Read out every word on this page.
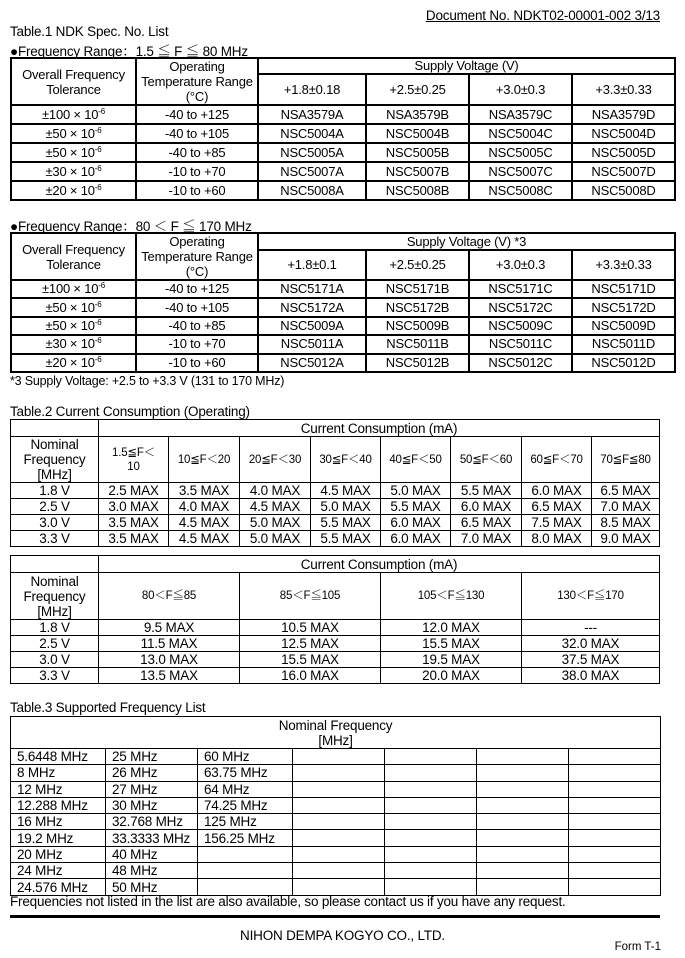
Document No. NDKT02-00001-002 3/13
Table.1 NDK Spec. No. List
●Frequency Range：1.5 ≦ F ≦ 80 MHz
Overall Frequency Tolerance	Operating Temperature Range (°C)	Supply Voltage (V)			
		+1.8±0.18	+2.5±0.25	+3.0±0.3	+3.3±0.33
$\pm 100 \times 10^{-6}$	-40 to +125	NSA3579A	NSA3579B	NSA3579C	NSA3579D
$\pm 50 \times 10^{-6}$	-40 to +105	NSC5004A	NSC5004B	NSC5004C	NSC5004D
$\pm 50 \times 10^{-6}$	-40 to +85	NSC5005A	NSC5005B	NSC5005C	NSC5005D
$\pm 30 \times 10^{-6}$	-10 to +70	NSC5007A	NSC5007B	NSC5007C	NSC5007D
$\pm 20 \times 10^{-6}$	-10 to +60	NSC5008A	NSC5008B	NSC5008C	NSC5008D
●Frequency Range：80 ＜ F ≦ 170 MHz
Overall Frequency Tolerance	Operating Temperature Range (°C)	Supply Voltage (V) *3			
		+1.8±0.1	+2.5±0.25	+3.0±0.3	+3.3±0.33
$\pm 100 \times 10^{-6}$	-40 to +125	NSC5171A	NSC5171B	NSC5171C	NSC5171D
$\pm 50 \times 10^{-6}$	-40 to +105	NSC5172A	NSC5172B	NSC5172C	NSC5172D
$\pm 50 \times 10^{-6}$	-40 to +85	NSC5009A	NSC5009B	NSC5009C	NSC5009D
$\pm 30 \times 10^{-6}$	-10 to +70	NSC5011A	NSC5011B	NSC5011C	NSC5011D
$\pm 20 \times 10^{-6}$	-10 to +60	NSC5012A	NSC5012B	NSC5012C	NSC5012D
*3 Supply Voltage: +2.5 to +3.3 V (131 to 170 MHz)
Table.2 Current Consumption (Operating)
	Current Consumption (mA)							
Nominal Frequency [MHz]	1.5≦F＜10	10≦F＜20	20≦F＜30	30≦F＜40	40≦F＜50	50≦F＜60	60≦F＜70	70≦F≦80
1.8 V	2.5 MAX	3.5 MAX	4.0 MAX	4.5 MAX	5.0 MAX	5.5 MAX	6.0 MAX	6.5 MAX
2.5 V	3.0 MAX	4.0 MAX	4.5 MAX	5.0 MAX	5.5 MAX	6.0 MAX	6.5 MAX	7.0 MAX
3.0 V	3.5 MAX	4.5 MAX	5.0 MAX	5.5 MAX	6.0 MAX	6.5 MAX	7.5 MAX	8.5 MAX
3.3 V	3.5 MAX	4.5 MAX	5.0 MAX	5.5 MAX	6.0 MAX	7.0 MAX	8.0 MAX	9.0 MAX
	Current Consumption (mA)			
Nominal Frequency [MHz]	80＜F≦85	85＜F≦105	105＜F≦130	130＜F≦170
1.8 V	9.5 MAX	10.5 MAX	12.0 MAX	---
2.5 V	11.5 MAX	12.5 MAX	15.5 MAX	32.0 MAX
3.0 V	13.0 MAX	15.5 MAX	19.5 MAX	37.5 MAX
3.3 V	13.5 MAX	16.0 MAX	20.0 MAX	38.0 MAX
Table.3 Supported Frequency List
Nominal Frequency
[MHz]						
5.6448 MHz	25 MHz	60 MHz				
8 MHz	26 MHz	63.75 MHz				
12 MHz	27 MHz	64 MHz				
12.288 MHz	30 MHz	74.25 MHz				
16 MHz	32.768 MHz	125 MHz				
19.2 MHz	33.3333 MHz	156.25 MHz				
20 MHz	40 MHz					
24 MHz	48 MHz					
24.576 MHz	50 MHz					
Frequencies not listed in the list are also available, so please contact us if you have any request.
NIHON DEMPA KOGYO CO., LTD.
Form T-1
